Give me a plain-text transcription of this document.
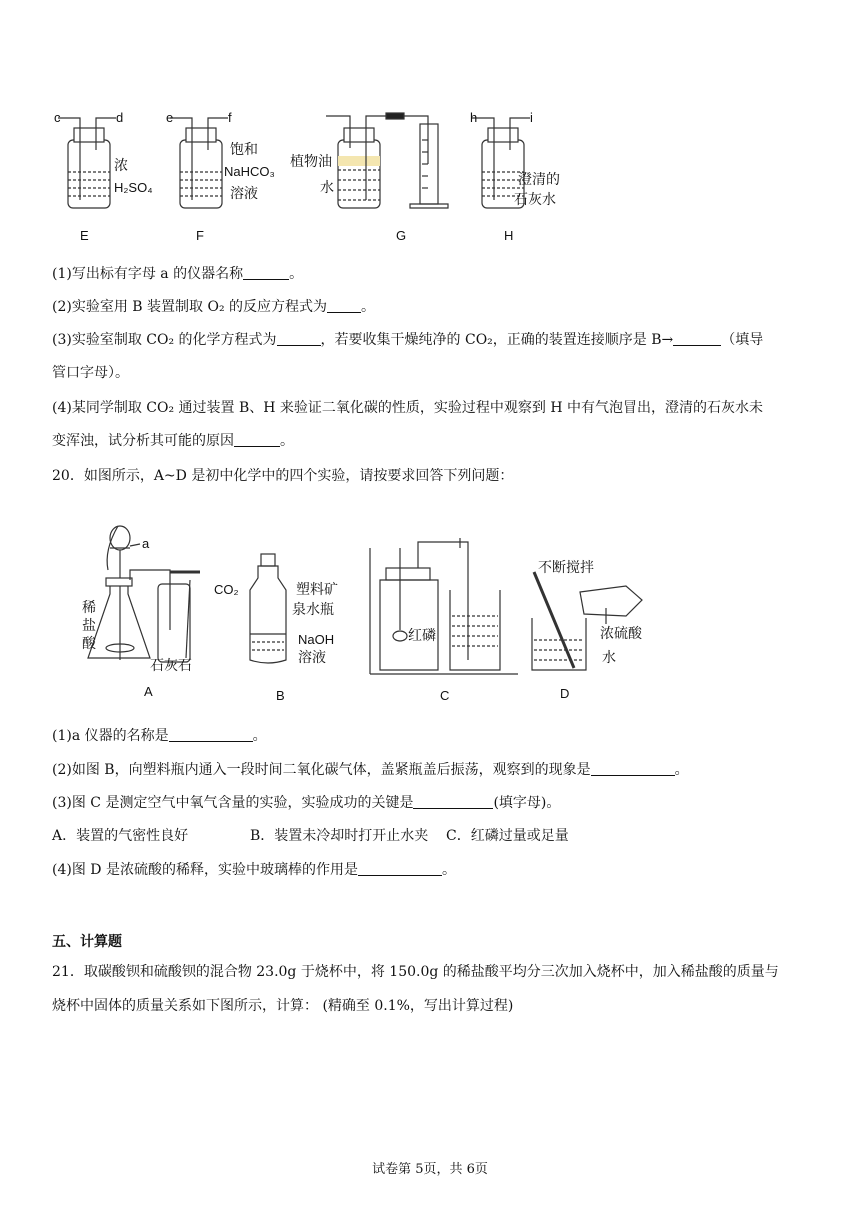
c	d	e	f	h	i
浓
H₂SO₄
饱和
NaHCO₃
溶液
植物油
水	澄清的
石灰水
E	F	G	H
(1)写出标有字母 a 的仪器名称	。
(2)实验室用 B 装置制取 O₂ 的反应方程式为 。
(3)实验室制取 CO₂ 的化学方程式为	，若要收集干燥纯净的 CO₂，正确的装置连接顺序是 B→	（填导
管口字母）。
(4)某同学制取 CO₂ 通过装置 B、H 来验证二氧化碳的性质，实验过程中观察到 H 中有气泡冒出，澄清的石灰水未
变浑浊，试分析其可能的原因	。
20．如图所示，A~D 是初中化学中的四个实验，请按要求回答下列问题：
a
稀
盐
酸
石灰石
A
CO₂	塑料矿
泉水瓶
NaOH
溶液
B
红磷
C
不断搅拌
浓硫酸
水
D
(1)a 仪器的名称是	。
(2)如图 B，向塑料瓶内通入一段时间二氧化碳气体，盖紧瓶盖后振荡，观察到的现象是	。
(3)图 C 是测定空气中氧气含量的实验，实验成功的关键是	(填字母)。
A．装置的气密性良好	B．装置未冷却时打开止水夹 C．红磷过量或足量
(4)图 D 是浓硫酸的稀释，实验中玻璃棒的作用是	。
五、计算题
21．取碳酸钡和硫酸钡的混合物 23.0g 于烧杯中，将 150.0g 的稀盐酸平均分三次加入烧杯中，加入稀盐酸的质量与
烧杯中固体的质量关系如下图所示，计算： (精确至 0.1%，写出计算过程)
试卷第 5页，共 6页
